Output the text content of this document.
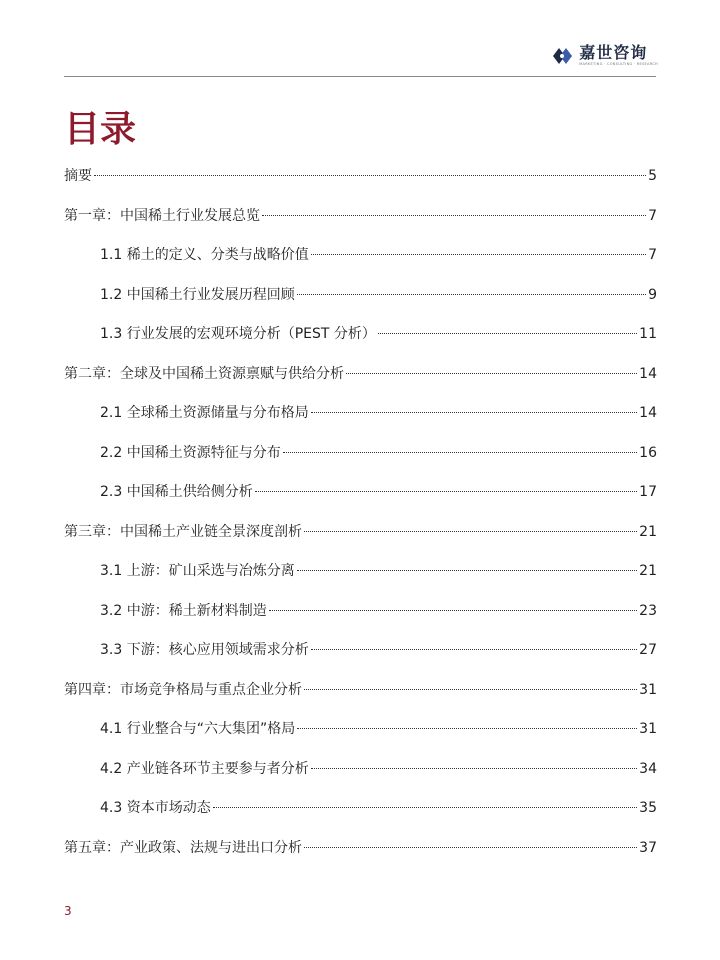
嘉世咨询
MARKETING · CONSULTING · RESEARCH
目录
摘要	5
第一章：中国稀土行业发展总览	7
1.1 稀土的定义、分类与战略价值	7
1.2 中国稀土行业发展历程回顾	9
1.3 行业发展的宏观环境分析（PEST 分析）	11
第二章：全球及中国稀土资源禀赋与供给分析	14
2.1 全球稀土资源储量与分布格局	14
2.2 中国稀土资源特征与分布	16
2.3 中国稀土供给侧分析	17
第三章：中国稀土产业链全景深度剖析	21
3.1 上游：矿山采选与冶炼分离	21
3.2 中游：稀土新材料制造	23
3.3 下游：核心应用领域需求分析	27
第四章：市场竞争格局与重点企业分析	31
4.1 行业整合与“六大集团”格局	31
4.2 产业链各环节主要参与者分析	34
4.3 资本市场动态	35
第五章：产业政策、法规与进出口分析	37
3
